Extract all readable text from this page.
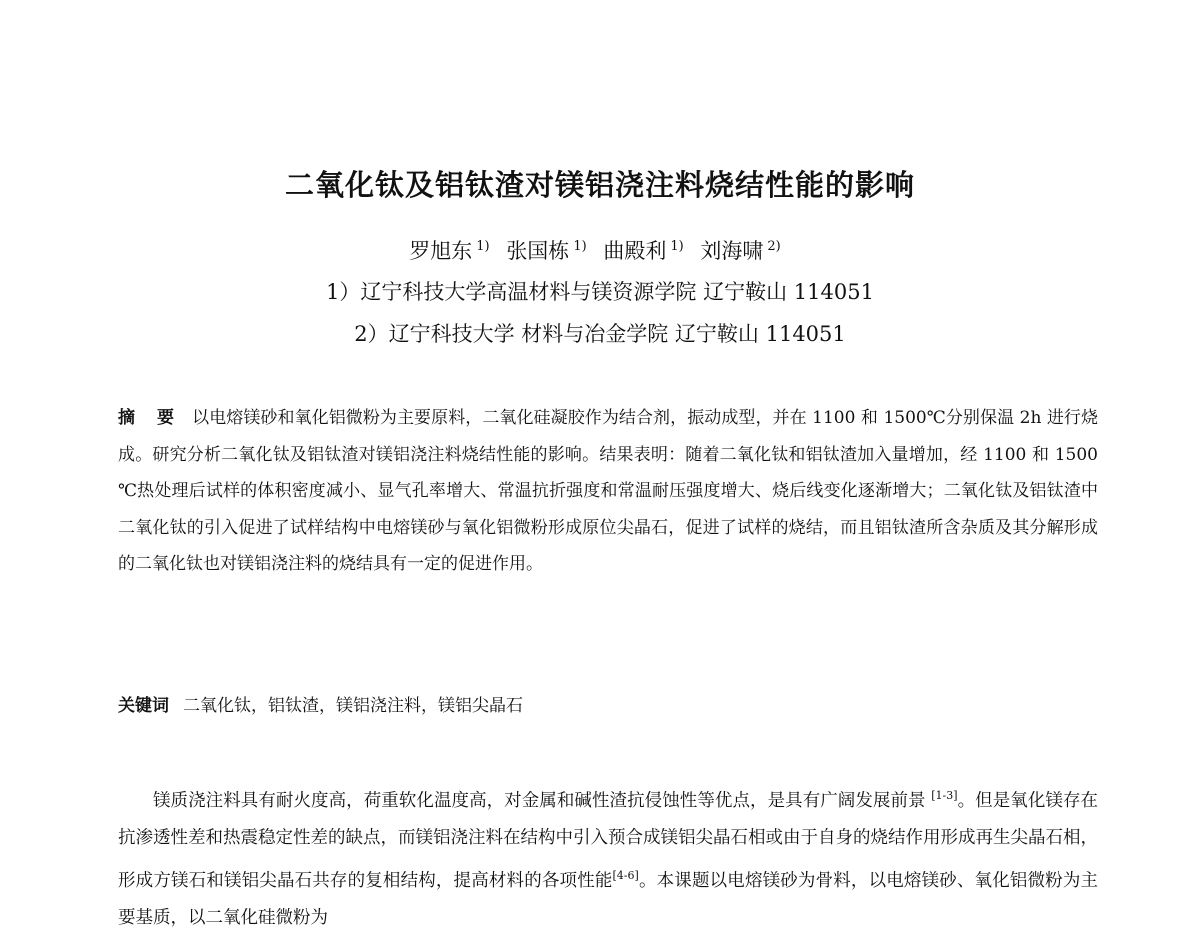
二氧化钛及铝钛渣对镁铝浇注料烧结性能的影响
罗旭东 $^{1)}$ 张国栋 $^{1)}$ 曲殿利 $^{1)}$ 刘海啸 $^{2)}$
1）辽宁科技大学高温材料与镁资源学院 辽宁鞍山 114051
2）辽宁科技大学 材料与冶金学院 辽宁鞍山 114051
摘 要 以电熔镁砂和氧化铝微粉为主要原料，二氧化硅凝胶作为结合剂，振动成型，并在 1100 和 1500℃分别保温 2h 进行烧成。研究分析二氧化钛及铝钛渣对镁铝浇注料烧结性能的影响。结果表明：随着二氧化钛和铝钛渣加入量增加，经 1100 和 1500 ℃热处理后试样的体积密度减小、显气孔率增大、常温抗折强度和常温耐压强度增大、烧后线变化逐渐增大；二氧化钛及铝钛渣中二氧化钛的引入促进了试样结构中电熔镁砂与氧化铝微粉形成原位尖晶石，促进了试样的烧结，而且铝钛渣所含杂质及其分解形成的二氧化钛也对镁铝浇注料的烧结具有一定的促进作用。
关键词 二氧化钛，铝钛渣，镁铝浇注料，镁铝尖晶石

镁质浇注料具有耐火度高，荷重软化温度高，对金属和碱性渣抗侵蚀性等优点，是具有广阔发展前景 [1-3]。但是氧化镁存在抗渗透性差和热震稳定性差的缺点，而镁铝浇注料在结构中引入预合成镁铝尖晶石相或由于自身的烧结作用形成再生尖晶石相，形成方镁石和镁铝尖晶石共存的复相结构，提高材料的各项性能[4-6]。本课题以电熔镁砂为骨料，以电熔镁砂、氧化铝微粉为主要基质，以二氧化硅微粉为
